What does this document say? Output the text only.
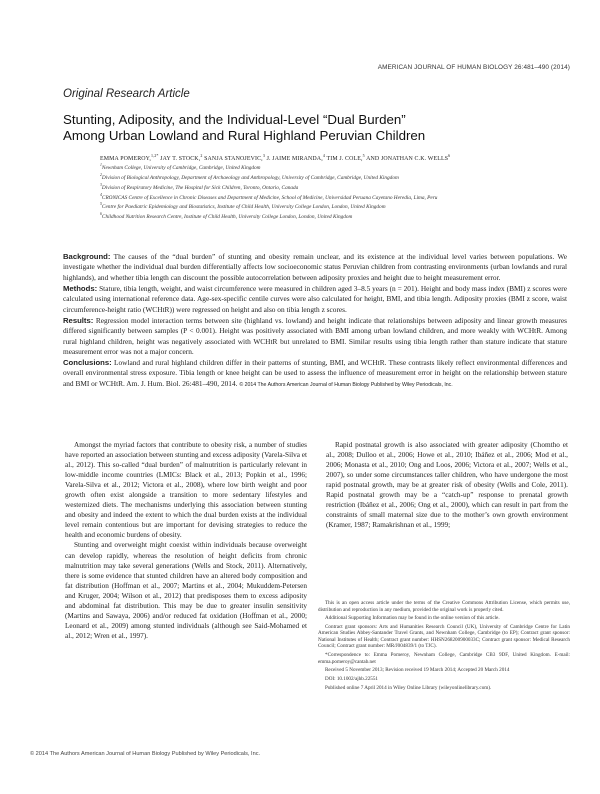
AMERICAN JOURNAL OF HUMAN BIOLOGY 26:481–490 (2014)
Original Research Article
Stunting, Adiposity, and the Individual-Level “Dual Burden”
Among Urban Lowland and Rural Highland Peruvian Children
EMMA POMEROY,$^{1,2*}$ JAY T. STOCK,$^2$ SANJA STANOJEVIC,$^3$ J. JAIME MIRANDA,$^4$ TIM J. COLE,$^5$ AND JONATHAN C.K. WELLS$^6$
$^1$Newnham College, University of Cambridge, Cambridge, United Kingdom
$^2$Division of Biological Anthropology, Department of Archaeology and Anthropology, University of Cambridge, Cambridge, United Kingdom
$^3$Division of Respiratory Medicine, The Hospital for Sick Children, Toronto, Ontario, Canada
$^4$CRONICAS Centre of Excellence in Chronic Diseases and Department of Medicine, School of Medicine, Universidad Peruana Cayetano Heredia, Lima, Peru
$^5$Centre for Paediatric Epidemiology and Biostatistics, Institute of Child Health, University College London, London, United Kingdom
$^6$Childhood Nutrition Research Centre, Institute of Child Health, University College London, London, United Kingdom

Background: The causes of the “dual burden” of stunting and obesity remain unclear, and its existence at the individual level varies between populations. We investigate whether the individual dual burden differentially affects low socioeconomic status Peruvian children from contrasting environments (urban lowlands and rural highlands), and whether tibia length can discount the possible autocorrelation between adiposity proxies and height due to height measurement error.

Methods: Stature, tibia length, weight, and waist circumference were measured in children aged 3–8.5 years (n = 201). Height and body mass index (BMI) z scores were calculated using international reference data. Age-sex-specific centile curves were also calculated for height, BMI, and tibia length. Adiposity proxies (BMI z score, waist circumference-height ratio (WCHtR)) were regressed on height and also on tibia length z scores.

Results: Regression model interaction terms between site (highland vs. lowland) and height indicate that relationships between adiposity and linear growth measures differed significantly between samples (P < 0.001). Height was positively associated with BMI among urban lowland children, and more weakly with WCHtR. Among rural highland children, height was negatively associated with WCHtR but unrelated to BMI. Similar results using tibia length rather than stature indicate that stature measurement error was not a major concern.

Conclusions: Lowland and rural highland children differ in their patterns of stunting, BMI, and WCHtR. These contrasts likely reflect environmental differences and overall environmental stress exposure. Tibia length or knee height can be used to assess the influence of measurement error in height on the relationship between stature and BMI or WCHtR. Am. J. Hum. Biol. 26:481–490, 2014. © 2014 The Authors American Journal of Human Biology Published by Wiley Periodicals, Inc.

Amongst the myriad factors that contribute to obesity risk, a number of studies have reported an association between stunting and excess adiposity (Varela-Silva et al., 2012). This so-called “dual burden” of malnutrition is particularly relevant in low-middle income countries (LMICs: Black et al., 2013; Popkin et al., 1996; Varela-Silva et al., 2012; Victora et al., 2008), where low birth weight and poor growth often exist alongside a transition to more sedentary lifestyles and westernized diets. The mechanisms underlying this association between stunting and obesity and indeed the extent to which the dual burden exists at the individual level remain contentious but are important for devising strategies to reduce the health and economic burdens of obesity.

Stunting and overweight might coexist within individuals because overweight can develop rapidly, whereas the resolution of height deficits from chronic malnutrition may take several generations (Wells and Stock, 2011). Alternatively, there is some evidence that stunted children have an altered body composition and fat distribution (Hoffman et al., 2007; Martins et al., 2004; Mukuddem-Petersen and Kruger, 2004; Wilson et al., 2012) that predisposes them to excess adiposity and abdominal fat distribution. This may be due to greater insulin sensitivity (Martins and Sawaya, 2006) and/or reduced fat oxidation (Hoffman et al., 2000; Leonard et al., 2009) among stunted individuals (although see Said-Mohamed et al., 2012; Wren et al., 1997).

Rapid postnatal growth is also associated with greater adiposity (Chomtho et al., 2008; Dulloo et al., 2006; Howe et al., 2010; Ibáñez et al., 2006; Mod et al., 2006; Monasta et al., 2010; Ong and Loos, 2006; Victora et al., 2007; Wells et al., 2007), so under some circumstances taller children, who have undergone the most rapid postnatal growth, may be at greater risk of obesity (Wells and Cole, 2011). Rapid postnatal growth may be a “catch-up” response to prenatal growth restriction (Ibáñez et al., 2006; Ong et al., 2000), which can result in part from the constraints of small maternal size due to the mother’s own growth environment (Kramer, 1987; Ramakrishnan et al., 1999;

This is an open access article under the terms of the Creative Commons Attribution License, which permits use, distribution and reproduction in any medium, provided the original work is properly cited.

Additional Supporting Information may be found in the online version of this article.

Contract grant sponsors: Arts and Humanities Research Council (UK), University of Cambridge Centre for Latin American Studies Abbey-Santander Travel Grants, and Newnham College, Cambridge (to EP); Contract grant sponsor: National Institutes of Health; Contract grant number: HHSN268200900033C; Contract grant sponsor: Medical Research Council; Contract grant number: MR/J004839/1 (to TJC).

*Correspondence to: Emma Pomeroy, Newnham College, Cambridge CB3 9DF, United Kingdom. E-mail: emma.pomeroy@cantab.net

Received 5 November 2013; Revision received 19 March 2014; Accepted 20 March 2014

DOI: 10.1002/ajhb.22551

Published online 7 April 2014 in Wiley Online Library (wileyonlinelibrary.com).

© 2014 The Authors American Journal of Human Biology Published by Wiley Periodicals, Inc.
